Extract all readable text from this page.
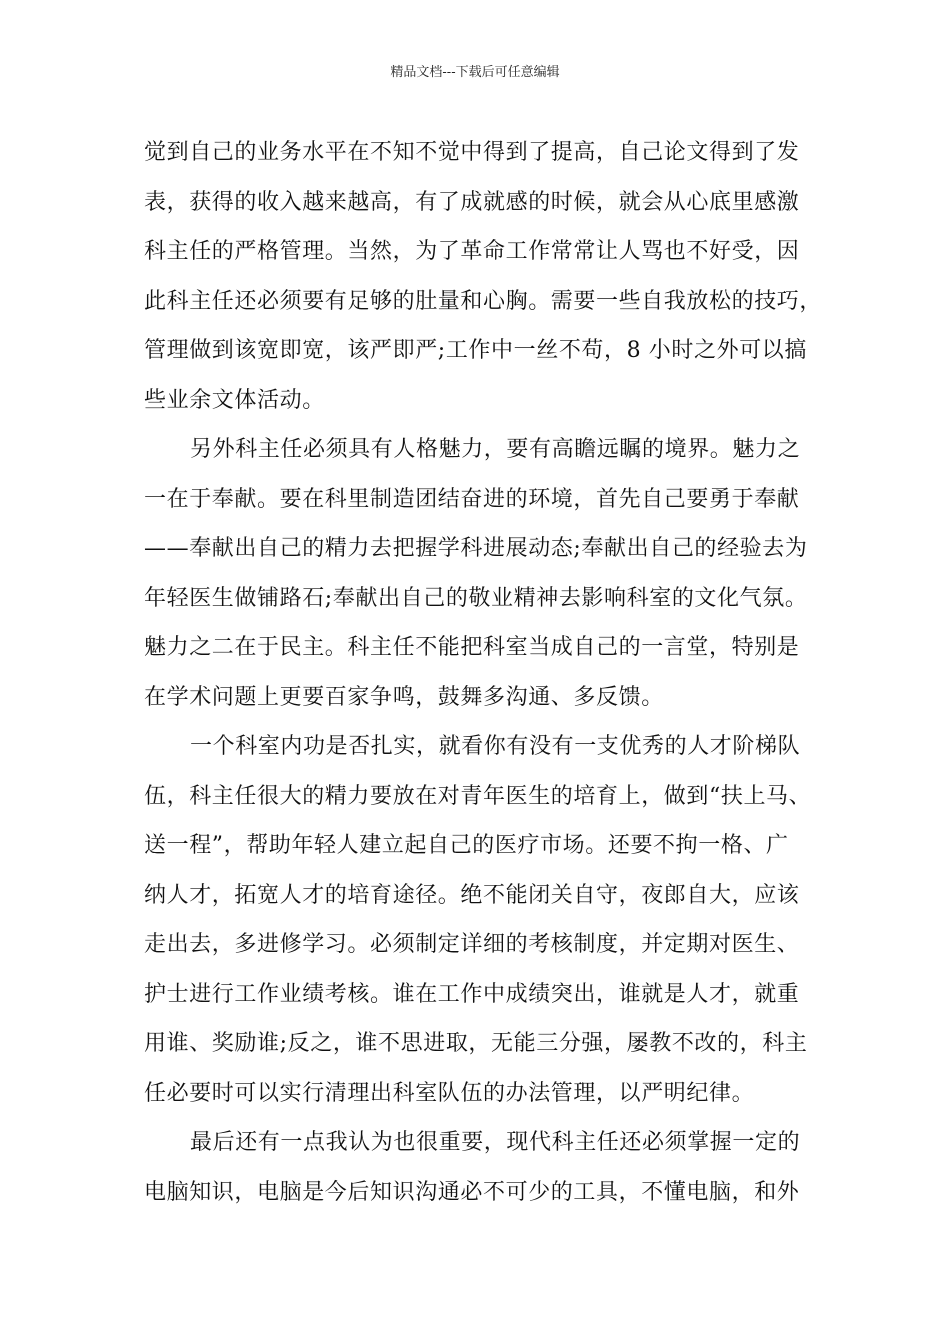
精品文档---下载后可任意编辑
觉到自己的业务水平在不知不觉中得到了提高，自己论文得到了发
表，获得的收入越来越高，有了成就感的时候，就会从心底里感激
科主任的严格管理。当然，为了革命工作常常让人骂也不好受，因
此科主任还必须要有足够的肚量和心胸。需要一些自我放松的技巧，
管理做到该宽即宽，该严即严;工作中一丝不苟，8 小时之外可以搞
些业余文体活动。
另外科主任必须具有人格魅力，要有高瞻远瞩的境界。魅力之
一在于奉献。要在科里制造团结奋进的环境，首先自己要勇于奉献
——奉献出自己的精力去把握学科进展动态;奉献出自己的经验去为
年轻医生做铺路石;奉献出自己的敬业精神去影响科室的文化气氛。
魅力之二在于民主。科主任不能把科室当成自己的一言堂，特别是
在学术问题上更要百家争鸣，鼓舞多沟通、多反馈。
一个科室内功是否扎实，就看你有没有一支优秀的人才阶梯队
伍，科主任很大的精力要放在对青年医生的培育上，做到“扶上马、
送一程”，帮助年轻人建立起自己的医疗市场。还要不拘一格、广
纳人才，拓宽人才的培育途径。绝不能闭关自守，夜郎自大，应该
走出去，多进修学习。必须制定详细的考核制度，并定期对医生、
护士进行工作业绩考核。谁在工作中成绩突出，谁就是人才，就重
用谁、奖励谁;反之，谁不思进取，无能三分强，屡教不改的，科主
任必要时可以实行清理出科室队伍的办法管理，以严明纪律。
最后还有一点我认为也很重要，现代科主任还必须掌握一定的
电脑知识，电脑是今后知识沟通必不可少的工具，不懂电脑，和外
